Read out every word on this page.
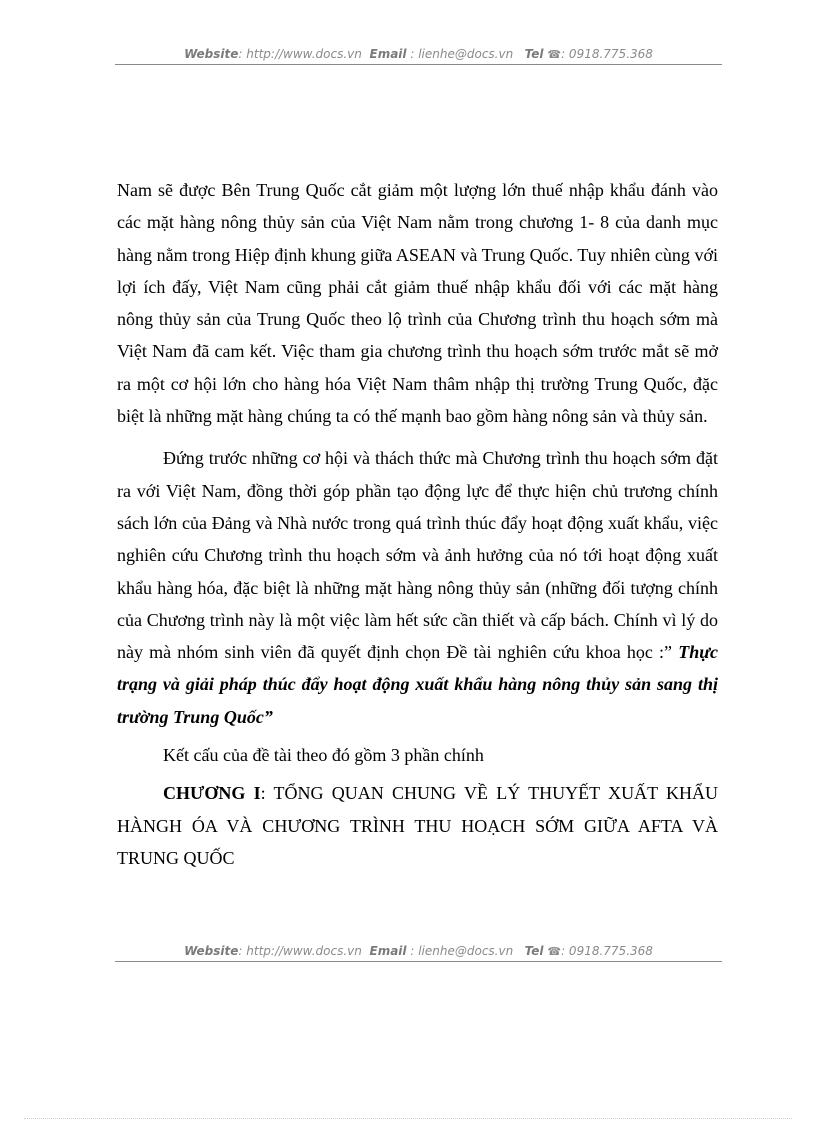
Website: http://www.docs.vn Email : lienhe@docs.vn Tel ☎: 0918.775.368

Nam sẽ được Bên Trung Quốc cắt giảm một lượng lớn thuế nhập khẩu đánh vào các mặt hàng nông thủy sản của Việt Nam nằm trong chương 1- 8 của danh mục hàng nằm trong Hiệp định khung giữa ASEAN và Trung Quốc. Tuy nhiên cùng với lợi ích đấy, Việt Nam cũng phải cắt giảm thuế nhập khẩu đối với các mặt hàng nông thủy sản của Trung Quốc theo lộ trình của Chương trình thu hoạch sớm mà Việt Nam đã cam kết. Việc tham gia chương trình thu hoạch sớm trước mắt sẽ mở ra một cơ hội lớn cho hàng hóa Việt Nam thâm nhập thị trường Trung Quốc, đặc biệt là những mặt hàng chúng ta có thế mạnh bao gồm hàng nông sản và thủy sản.

Đứng trước những cơ hội và thách thức mà Chương trình thu hoạch sớm đặt ra với Việt Nam, đồng thời góp phần tạo động lực để thực hiện chủ trương chính sách lớn của Đảng và Nhà nước trong quá trình thúc đẩy hoạt động xuất khẩu, việc nghiên cứu Chương trình thu hoạch sớm và ảnh hưởng của nó tới hoạt động xuất khẩu hàng hóa, đặc biệt là những mặt hàng nông thủy sản (những đối tượng chính của Chương trình này là một việc làm hết sức cần thiết và cấp bách. Chính vì lý do này mà nhóm sinh viên đã quyết định chọn Đề tài nghiên cứu khoa học :” Thực trạng và giải pháp thúc đẩy hoạt động xuất khẩu hàng nông thủy sản sang thị trường Trung Quốc”

Kết cấu của đề tài theo đó gồm 3 phần chính

CHƯƠNG I: TỔNG QUAN CHUNG VỀ LÝ THUYẾT XUẤT KHẨU HÀNGH ÓA VÀ CHƯƠNG TRÌNH THU HOẠCH SỚM GIỮA AFTA VÀ TRUNG QUỐC

Website: http://www.docs.vn Email : lienhe@docs.vn Tel ☎: 0918.775.368
